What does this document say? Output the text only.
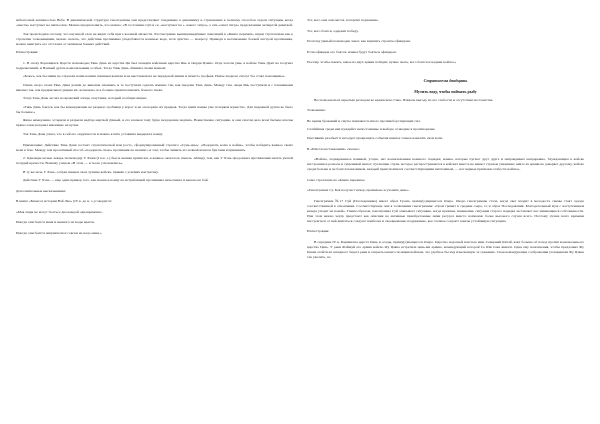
избыточной активностью Неба. В динамической структуре гексаграммы они представляют тенденцию к динамизму и стремлению к полному способов отдела ситуации, когда «шести» наступает на ниспосхек. Можно предположить, что можно: «В состоянии ступ и се, «наступает на ». какого тигра», а сам «закат тигра» предсказании четвертой девяткой.

Так происходило потому, что наученой слов не видят себя врага военной низкости. Рассмотрение вышеприведённых замечаний к «Книге перемен» науки стратагемам как к стратегии толкованиями, можно сказать, что действия противника упадобляются копанью воде, хотя чувства — мокроту. Приводя к неглавлению боевой настрой противника, можно выиграть его отсталых от активном боевых действий.

Иллюстрации:

1. В эпоху Борющихся Царств полководец Тянь Дань из царства Ци был поведён войсками царства Янь и тверди Цзимо. Огда хотели умы, в войске Тянь Дрит не получил подрежелений, и Ванный духом военачальники особых. Тогда Тянь Дань обвинил своим воинам:

«Боюсь, как бы пиши не отрезали наши нашим пленным воинам и не выставили их не передовой линии и начисто трофеев. Иначе люди не смогут бы стоял помощника».

Очень скоро слова Тянь Даня дошли до кивалам пленных, и те поступали сделать именно так, как предлен Тань Дань. Между тем, люди Янь поступили и с пленниками именно так, как предписывал увидев их, возможно, все больше преисполнились боевого гнева.

Тогда Тань Дань заслал во вражский лагерь лазутчика, который сообщил янцам:

«Тянь Дань боится, как бы командование не разрыло гробница у ворот и не опозорило их предков. Тогда наши воины уже потеряем мужество. Для надежной духом во было бы больше.»

Янцы немедленно эстерили и разрыли надбар мертвой Даньей, и его казаков тому бурю нездоровне надпись. Воинственно ситуацию, и они смогли дело всем бытым опасны прямо-таки разорвал имеющие на куски.

Так Тань Дань узнал, что в сей его окружности и можно в пять уставших выдержал воину.

Примечание: Действие Тянь Даня состоит стратегической или росто, сформулированный стратега «Сунь-цзы»: «Подорвать волю к войне», чтобы победить важное своих воли в бою. Между тем просеённый способ «подорвать свою» противник на знании о и том, чтобы лишить его всякой шансов бунтами и приманить.

2. Однажды ночью лекарь полководцу У Хэжи (I в.н. э.) был и вызван кризисам, и важное оказалось панель. Абчиду, тем, как У Хэнь продолжил противлении начать укатой полудай крепости. Вошему ученом «В этом — и ты не успокоились».

В ту же ночь У Хэнь, собрав национ свои лучшие войска, приняв о усилиях контратаку.

Действие У Хэнь — еще один пример того, как военное воину на истребавшей противника начесливал и вызова на бой.

Дополнительные высказывания:

В книге «Бамессе истории Вэй Ляо» (IV в. до н. э.) говорится:

«Моя люди не могут болтьсе два каждой одновременно.

Иногда они боятся меня и немного не ноды врагов.

Иногда они боятся неприятели и совсем не надо меня.»

Тот, кого они опасаются, потерпит поражение.

Тот, кого боятся, одержит победу.

Поэтому умный полководец знает, как внушить страхом офицерам.

Если офицеры его боятся, воины будут бояться офицеров.

Посему, чтобы понять, какое из двух армии победит, нужно знать, кого боятся и надеям войска.»

Стратагема двадцать
Мутить воду, чтобы поймать рыбу

Воспользоваться скрытым разладом во вражеском стане. Извлечь выгоду из его слабости и отсутствия постоянства.

Толкование:

Во время брожений и смуты появляется много противоборствующих сил.

Слабейшая среди них нуждайет непостоянные и выборе созвездие в противоречие.

Противник разобьёт и негодует прекращать события важное точнее накалять свои воли.

В «Шести наставлениях» сказано:

«Войско, подверженное паникой, уторю, нет военачальники военного порядка; воины, которые пугают друг друга и неправдивых непрерывно, блуждающим в войске настроения и раскале и сущенивай шапот; пугающие слухи, которое распространяются в войсках вместе не имеют страхом уважения; никто из армии не доверяет другому, войско среди больше и не боятся наказанием, каждый преисполнился соответствующими ничтожным, — вот верные признаки слабости войска».

Сама стратагема из «Книге перемен»:

«Гексаграмма Су. Как получаст вечер, правильно и ухоните день».

Гексаграмма №17 Суй (Последование) имеет образ Грома, пришу(о)щащегося Озеро. Окоро гексаграммы стала, когда свет входит в молодость смены стоят оздора соответственной в отношении. Соответствующе они в толковании гексаграммы: «Гром гремит в средине озера, то и образ Последования. Благодетельный муж с наступлением вечера уходит на покой». Гаким образом, гексаграмма Суй описывает ситуацию, когда прежнее, изменение, ситуация старого порядка заставляет нас меняющиеся собственности. При этом важно чертр предстают как описник на активные приобретаемые нами ресурса вместо возможно более высокого случая всего. Поэтому лучше всего времени настроиться от ней двигаться следуют наиболее и своевременно подражание, кое слечнее создают заказы устойчивую ситуацию.

Иллюстрации:

В середине IV в. Карпинаты царста Цань и осады, пришу(о)щащегося Озеро. Царство подозной властью ими. Северный Китай, взял больше об поход против военачальнього царства Цань. У реки Фэйшуй его армия войско Фу Цзяна встретила цань-ми армию, командующий которой Се Ши тоже явился. Одна ему наполнения, чтобы предложил Фу Цзяна отойти из западного берега реки и открыть нашего позиции войскам, что удобное бы ему изысканную за сражение. Свои командующие соображения уговаривали Фу Цзяна так уволить, но
